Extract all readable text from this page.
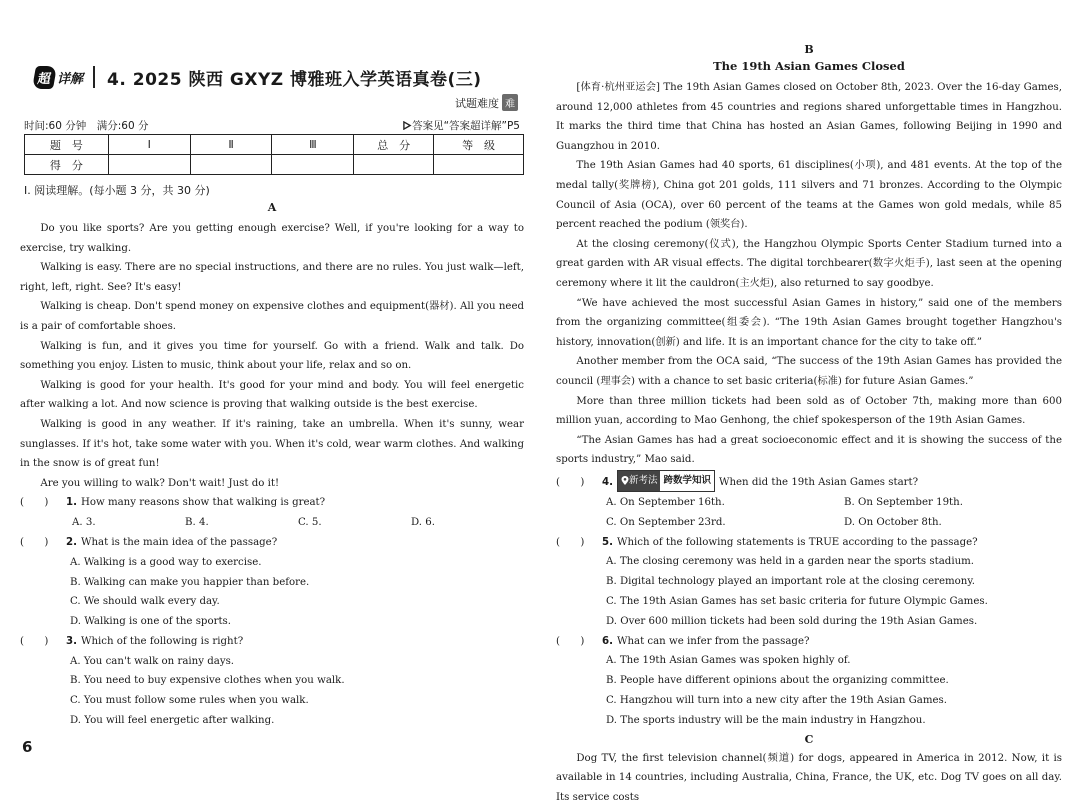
超 详解 4. 2025 陕西 GXYZ 博雅班入学英语真卷(三)
试题难度 难
时间:60 分钟　满分:60 分	答案见“答案超详解”P5
题　号	Ⅰ	Ⅱ	Ⅲ	总　分	等　级
得　分					
Ⅰ. 阅读理解。(每小题 3 分，共 30 分)

A

Do you like sports? Are you getting enough exercise? Well, if you're looking for a way to exercise, try walking.

Walking is easy. There are no special instructions, and there are no rules. You just walk—left, right, left, right. See? It's easy!

Walking is cheap. Don't spend money on expensive clothes and equipment(器材). All you need is a pair of comfortable shoes.

Walking is fun, and it gives you time for yourself. Go with a friend. Walk and talk. Do something you enjoy. Listen to music, think about your life, relax and so on.

Walking is good for your health. It's good for your mind and body. You will feel energetic after walking a lot. And now science is proving that walking outside is the best exercise.

Walking is good in any weather. If it's raining, take an umbrella. When it's sunny, wear sunglasses. If it's hot, take some water with you. When it's cold, wear warm clothes. And walking in the snow is of great fun!

Are you willing to walk? Don't wait! Just do it!

(　　)	1. How many reasons show that walking is great?
A. 3.	B. 4.	C. 5.	D. 6.
(　　)	2. What is the main idea of the passage?
A. Walking is a good way to exercise.
B. Walking can make you happier than before.
C. We should walk every day.
D. Walking is one of the sports.
(　　)	3. Which of the following is right?
A. You can't walk on rainy days.
B. You need to buy expensive clothes when you walk.
C. You must follow some rules when you walk.
D. You will feel energetic after walking.
6

B

The 19th Asian Games Closed

[体育·杭州亚运会] The 19th Asian Games closed on October 8th, 2023. Over the 16-day Games, around 12,000 athletes from 45 countries and regions shared unforgettable times in Hangzhou. It marks the third time that China has hosted an Asian Games, following Beijing in 1990 and Guangzhou in 2010.

The 19th Asian Games had 40 sports, 61 disciplines(小项), and 481 events. At the top of the medal tally(奖牌榜), China got 201 golds, 111 silvers and 71 bronzes. According to the Olympic Council of Asia (OCA), over 60 percent of the teams at the Games won gold medals, while 85 percent reached the podium (领奖台).

At the closing ceremony(仪式), the Hangzhou Olympic Sports Center Stadium turned into a great garden with AR visual effects. The digital torchbearer(数字火炬手), last seen at the opening ceremony where it lit the cauldron(主火炬), also returned to say goodbye.

“We have achieved the most successful Asian Games in history,” said one of the members from the organizing committee(组委会). “The 19th Asian Games brought together Hangzhou's history, innovation(创新) and life. It is an important chance for the city to take off.”

Another member from the OCA said, “The success of the 19th Asian Games has provided the council (理事会) with a chance to set basic criteria(标准) for future Asian Games.”

More than three million tickets had been sold as of October 7th, making more than 600 million yuan, according to Mao Genhong, the chief spokesperson of the 19th Asian Games.

“The Asian Games has had a great socioeconomic effect and it is showing the success of the sports industry,” Mao said.

(　　)	4. 新考法 跨数学知识 When did the 19th Asian Games start?
A. On September 16th.	B. On September 19th.
C. On September 23rd.	D. On October 8th.
(　　)	5. Which of the following statements is TRUE according to the passage?
A. The closing ceremony was held in a garden near the sports stadium.
B. Digital technology played an important role at the closing ceremony.
C. The 19th Asian Games has set basic criteria for future Olympic Games.
D. Over 600 million tickets had been sold during the 19th Asian Games.
(　　)	6. What can we infer from the passage?
A. The 19th Asian Games was spoken highly of.
B. People have different opinions about the organizing committee.
C. Hangzhou will turn into a new city after the 19th Asian Games.
D. The sports industry will be the main industry in Hangzhou.

C

Dog TV, the first television channel(频道) for dogs, appeared in America in 2012. Now, it is available in 14 countries, including Australia, China, France, the UK, etc. Dog TV goes on all day. Its service costs
